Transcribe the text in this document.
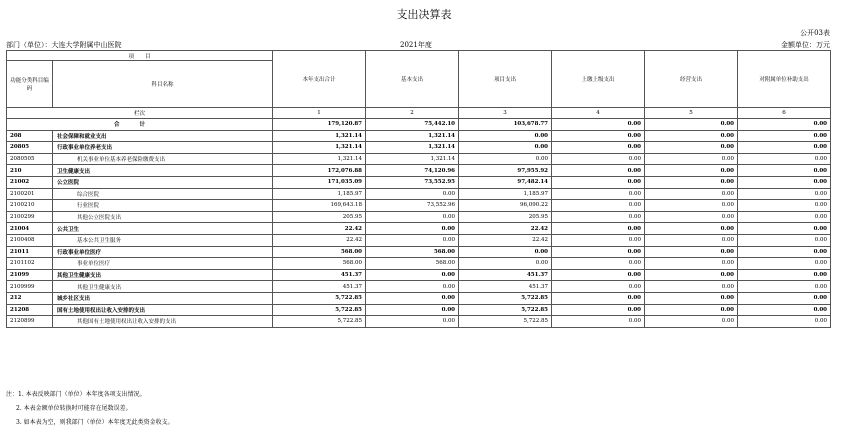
支出决算表
公开03表
部门（单位）：大连大学附属中山医院	2021年度	金额单位：万元
项　　目		本年支出合计	基本支出	项目支出	上缴上级支出	经营支出	对附属单位补助支出
功能分类科目编码	科目名称						
栏次		1	2	3	4	5	6
合计		179,120.87	75,442.10	103,678.77	0.00	0.00	0.00
208	社会保障和就业支出	1,321.14	1,321.14	0.00	0.00	0.00	0.00
20805	行政事业单位养老支出	1,321.14	1,321.14	0.00	0.00	0.00	0.00
2080505	机关事业单位基本养老保险缴费支出	1,321.14	1,321.14	0.00	0.00	0.00	0.00
210	卫生健康支出	172,076.88	74,120.96	97,955.92	0.00	0.00	0.00
21002	公立医院	171,035.09	73,552.95	97,482.14	0.00	0.00	0.00
2100201	综合医院	1,185.97	0.00	1,185.97	0.00	0.00	0.00
2100210	行业医院	169,643.18	73,552.96	96,090.22	0.00	0.00	0.00
2100299	其他公立医院支出	205.95	0.00	205.95	0.00	0.00	0.00
21004	公共卫生	22.42	0.00	22.42	0.00	0.00	0.00
2100408	基本公共卫生服务	22.42	0.00	22.42	0.00	0.00	0.00
21011	行政事业单位医疗	568.00	568.00	0.00	0.00	0.00	0.00
2101102	事业单位医疗	568.00	568.00	0.00	0.00	0.00	0.00
21099	其他卫生健康支出	451.37	0.00	451.37	0.00	0.00	0.00
2109999	其他卫生健康支出	451.37	0.00	451.37	0.00	0.00	0.00
212	城乡社区支出	5,722.85	0.00	5,722.85	0.00	0.00	0.00
21208	国有土地使用权出让收入安排的支出	5,722.85	0.00	5,722.85	0.00	0.00	0.00
2120899	其他国有土地使用权出让收入安排的支出	5,722.85	0.00	5,722.85	0.00	0.00	0.00
注：1. 本表反映部门（单位）本年度各项支出情况。
2. 本表金额单位转换时可能存在尾数误差。
3. 如本表为空，则我部门（单位）本年度无此类资金收支。
